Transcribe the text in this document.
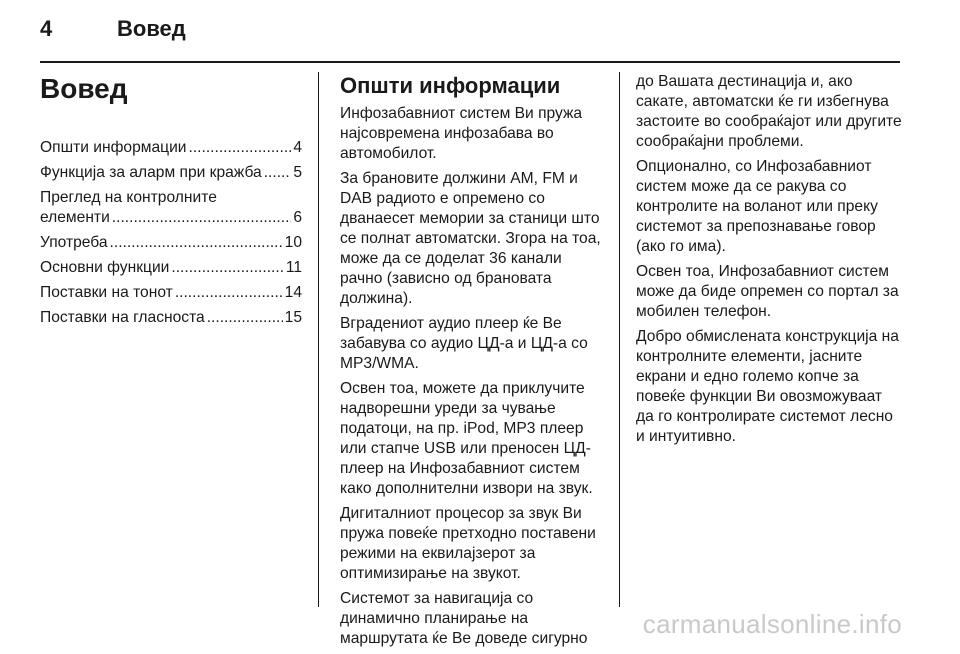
4	Вовед
Вовед
Општи информации .....	4
Функција за аларм при кражба ..... 5
Преглед на контролните
елементи .....	6
Употреба .....	10
Основни функции .....	11
Поставки на тонот .....	14
Поставки на гласноста .....	15
Општи информации

Инфозабавниот систем Ви пружа најсовремена инфозабава во автомобилот.

За брановите должини AM, FM и DAB радиото е опремено со дванаесет мемории за станици што се полнат автоматски. Згора на тоа, може да се доделат 36 канали рачно (зависно од брановата должина).

Вградениот аудио плеер ќе Ве забавува со аудио ЦД-а и ЦД-а со MP3/WMA.

Освен тоа, можете да приклучите надворешни уреди за чување податоци, на пр. iPod, MP3 плеер или стапче USB или преносен ЦД-плеер на Инфозабавниот систем како дополнителни извори на звук.

Дигиталниот процесор за звук Ви пружа повеќе претходно поставени режими на еквилајзерот за оптимизирање на звукот.

Системот за навигација со динамично планирање на маршрутата ќе Ве доведе сигурно

до Вашата дестинација и, ако сакате, автоматски ќе ги избегнува застоите во сообраќајот или другите сообраќајни проблеми.

Опционално, со Инфозабавниот систем може да се ракува со контролите на воланот или преку системот за препознавање говор (ако го има).

Освен тоа, Инфозабавниот систем може да биде опремен со портал за мобилен телефон.

Добро обмислената конструкција на контролните елементи, јасните екрани и едно големо копче за повеќе функции Ви овозможуваат да го контролирате системот лесно и интуитивно.

carmanualsonline.info
